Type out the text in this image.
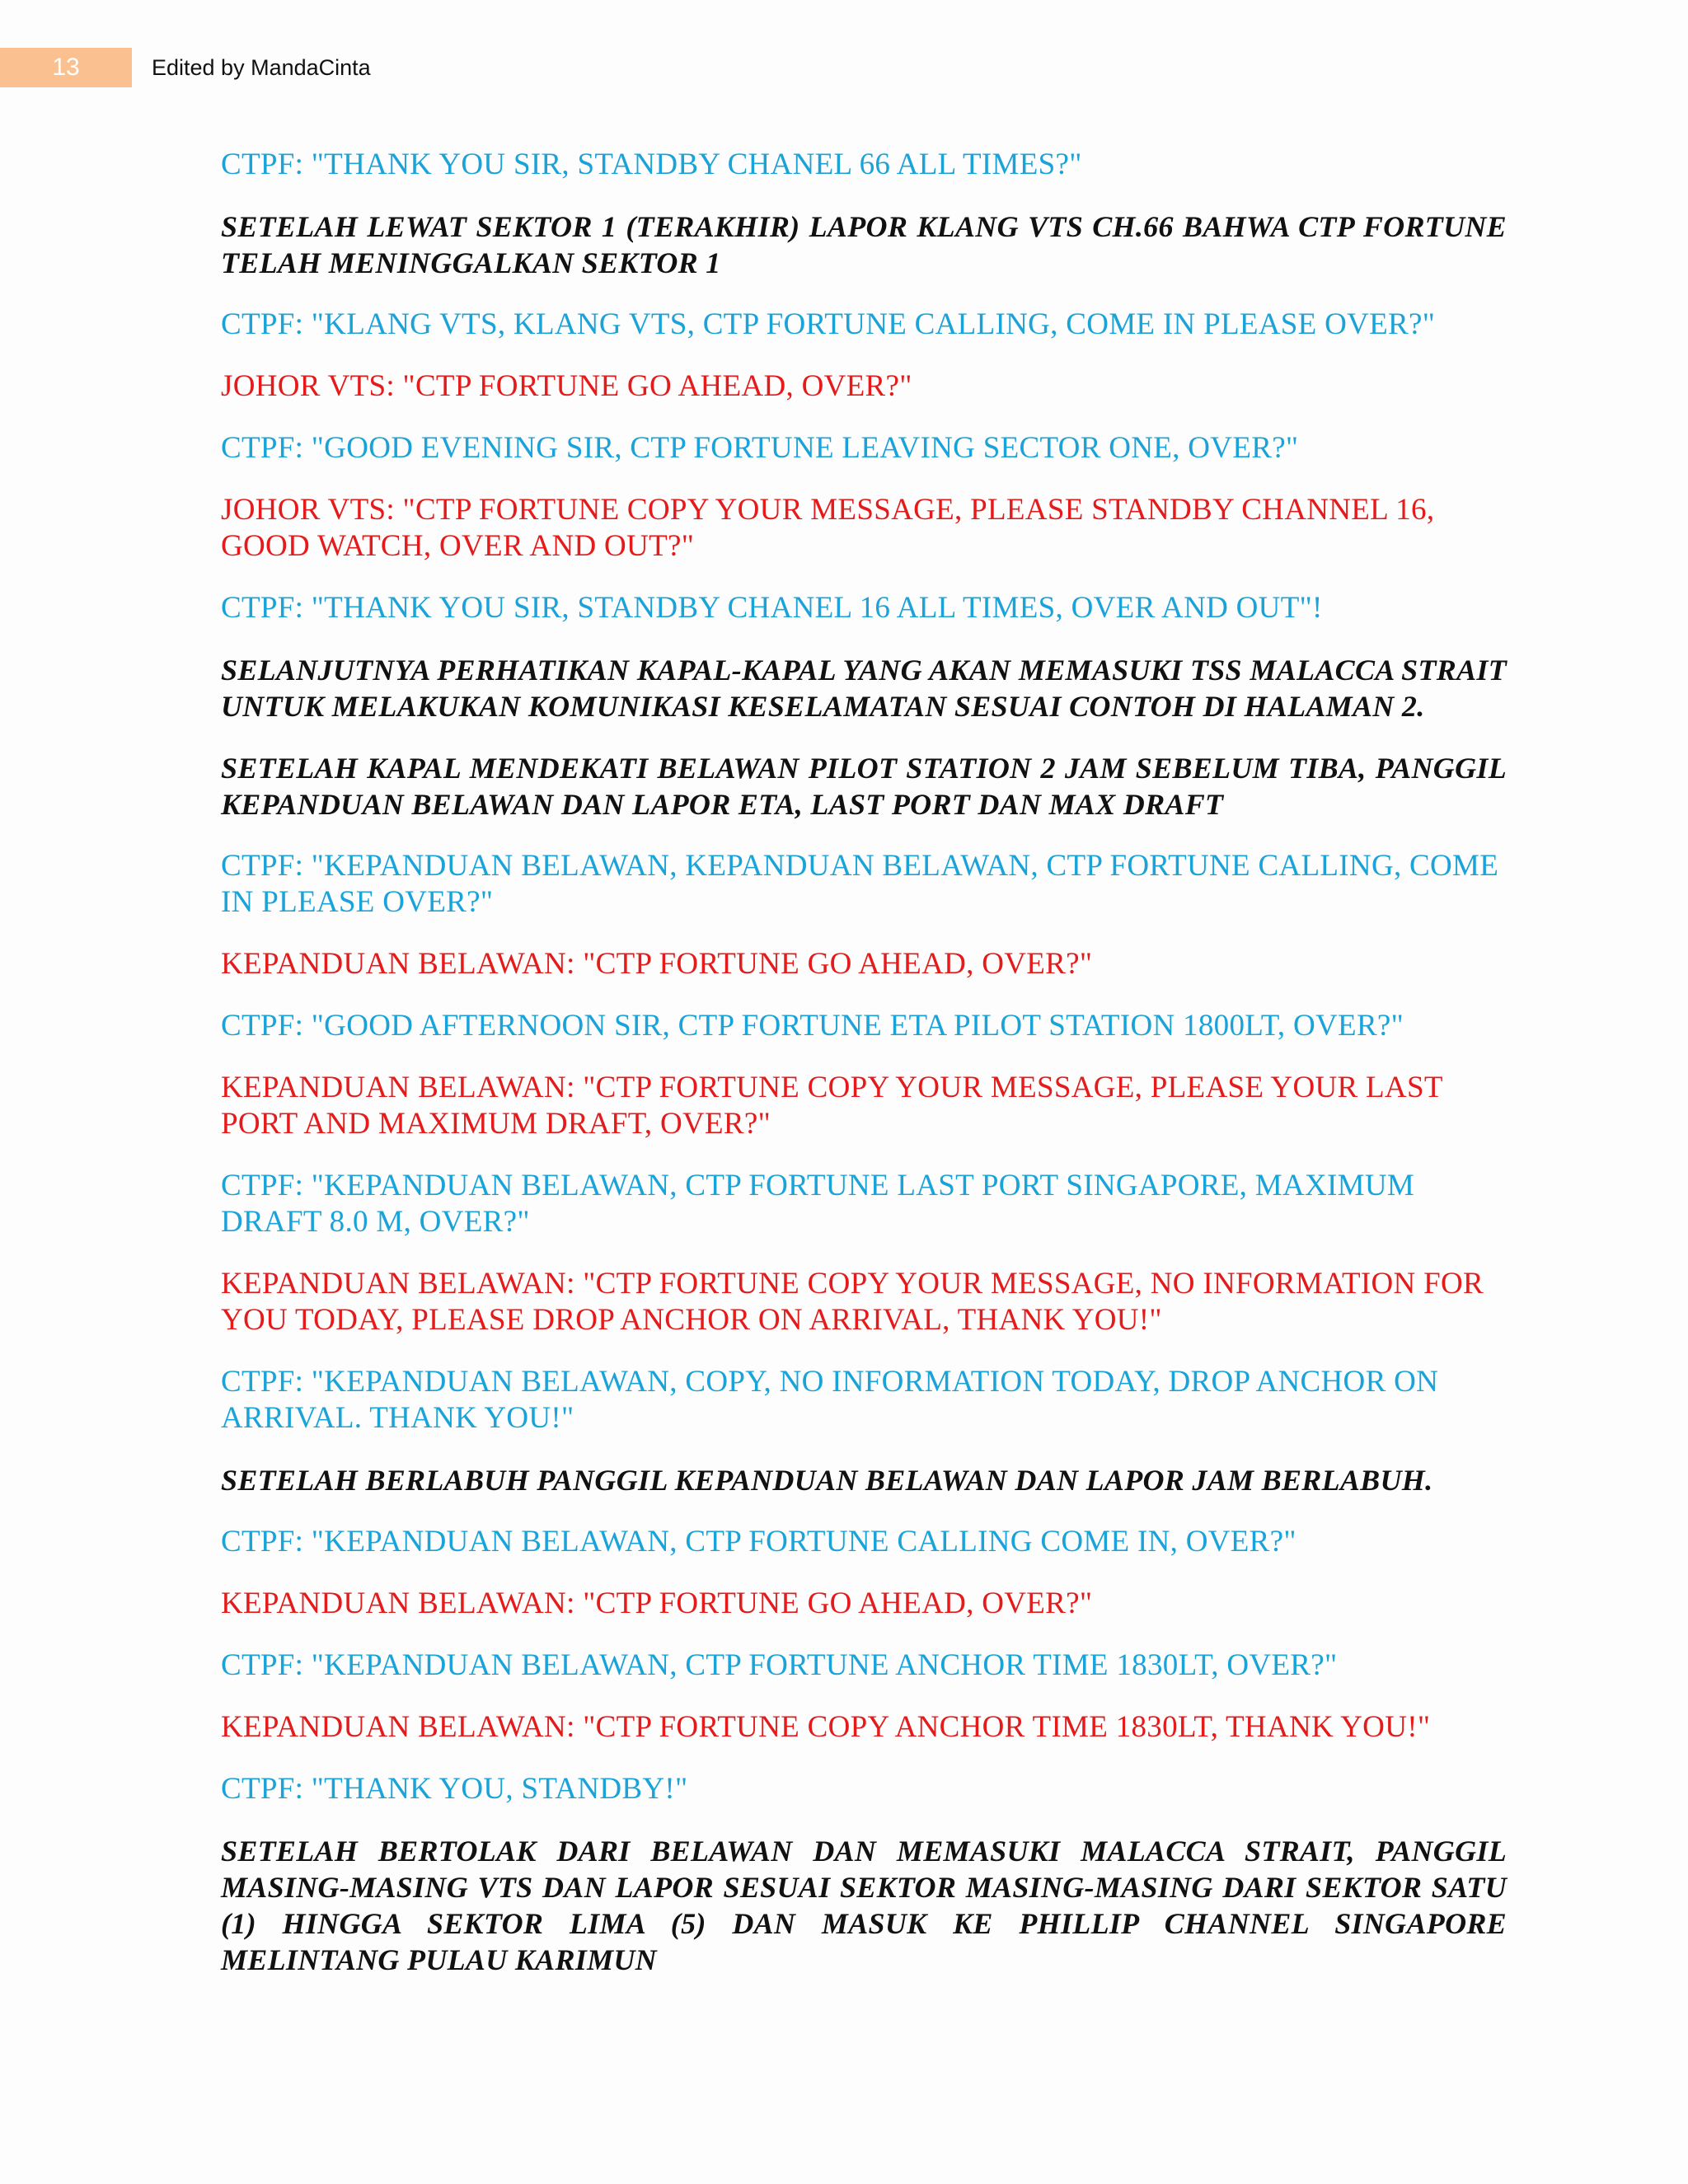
13	Edited by MandaCinta

CTPF: "THANK YOU SIR, STANDBY CHANEL 66 ALL TIMES?"

SETELAH LEWAT SEKTOR 1 (TERAKHIR) LAPOR KLANG VTS CH.66 BAHWA CTP FORTUNE TELAH MENINGGALKAN SEKTOR 1

CTPF: "KLANG VTS, KLANG VTS, CTP FORTUNE CALLING, COME IN PLEASE OVER?"

JOHOR VTS: "CTP FORTUNE GO AHEAD, OVER?"

CTPF: "GOOD EVENING SIR, CTP FORTUNE LEAVING SECTOR ONE, OVER?"

JOHOR VTS: "CTP FORTUNE COPY YOUR MESSAGE, PLEASE STANDBY CHANNEL 16, GOOD WATCH, OVER AND OUT?"

CTPF: "THANK YOU SIR, STANDBY CHANEL 16 ALL TIMES, OVER AND OUT"!

SELANJUTNYA PERHATIKAN KAPAL-KAPAL YANG AKAN MEMASUKI TSS MALACCA STRAIT UNTUK MELAKUKAN KOMUNIKASI KESELAMATAN SESUAI CONTOH DI HALAMAN 2.

SETELAH KAPAL MENDEKATI BELAWAN PILOT STATION 2 JAM SEBELUM TIBA, PANGGIL KEPANDUAN BELAWAN DAN LAPOR ETA, LAST PORT DAN MAX DRAFT

CTPF: "KEPANDUAN BELAWAN, KEPANDUAN BELAWAN, CTP FORTUNE CALLING, COME IN PLEASE OVER?"

KEPANDUAN BELAWAN: "CTP FORTUNE GO AHEAD, OVER?"

CTPF: "GOOD AFTERNOON SIR, CTP FORTUNE ETA PILOT STATION 1800LT, OVER?"

KEPANDUAN BELAWAN: "CTP FORTUNE COPY YOUR MESSAGE, PLEASE YOUR LAST PORT AND MAXIMUM DRAFT, OVER?"

CTPF: "KEPANDUAN BELAWAN, CTP FORTUNE LAST PORT SINGAPORE, MAXIMUM DRAFT 8.0 M, OVER?"

KEPANDUAN BELAWAN: "CTP FORTUNE COPY YOUR MESSAGE, NO INFORMATION FOR YOU TODAY, PLEASE DROP ANCHOR ON ARRIVAL, THANK YOU!"

CTPF: "KEPANDUAN BELAWAN, COPY, NO INFORMATION TODAY, DROP ANCHOR ON ARRIVAL. THANK YOU!"

SETELAH BERLABUH PANGGIL KEPANDUAN BELAWAN DAN LAPOR JAM BERLABUH.

CTPF: "KEPANDUAN BELAWAN, CTP FORTUNE CALLING COME IN, OVER?"

KEPANDUAN BELAWAN: "CTP FORTUNE GO AHEAD, OVER?"

CTPF: "KEPANDUAN BELAWAN, CTP FORTUNE ANCHOR TIME 1830LT, OVER?"

KEPANDUAN BELAWAN: "CTP FORTUNE COPY ANCHOR TIME 1830LT, THANK YOU!"

CTPF: "THANK YOU, STANDBY!"

SETELAH BERTOLAK DARI BELAWAN DAN MEMASUKI MALACCA STRAIT, PANGGIL MASING-MASING VTS DAN LAPOR SESUAI SEKTOR MASING-MASING DARI SEKTOR SATU (1) HINGGA SEKTOR LIMA (5) DAN MASUK KE PHILLIP CHANNEL SINGAPORE MELINTANG PULAU KARIMUN
